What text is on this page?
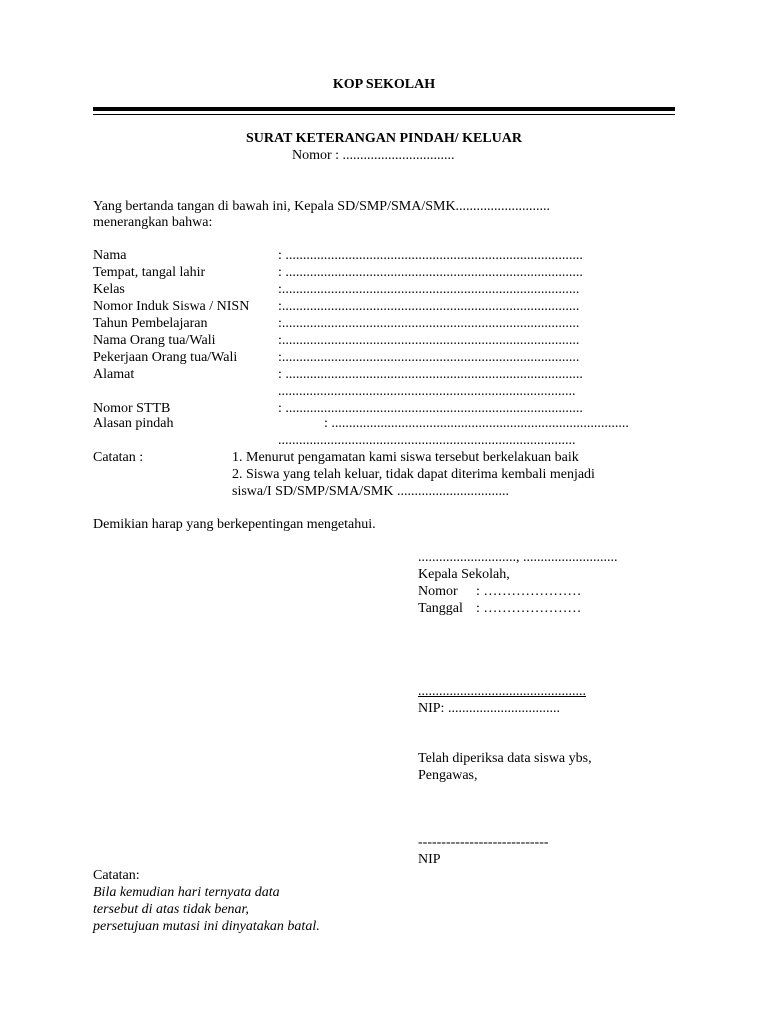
KOP SEKOLAH
SURAT KETERANGAN PINDAH/ KELUAR
Nomor : ................................
Yang bertanda tangan di bawah ini, Kepala SD/SMP/SMA/SMK...........................
menerangkan bahwa:
Nama	: .....................................................................................
Tempat, tangal lahir	: .....................................................................................
Kelas	:.....................................................................................
Nomor Induk Siswa / NISN :.....................................................................................
Tahun Pembelajaran	:.....................................................................................
Nama Orang tua/Wali	:.....................................................................................
Pekerjaan Orang tua/Wali	:.....................................................................................
Alamat	: .....................................................................................
.....................................................................................
Nomor STTB	: .....................................................................................
Alasan pindah	: .....................................................................................
.....................................................................................
Catatan :	1. Menurut pengamatan kami siswa tersebut berkelakuan baik
2. Siswa yang telah keluar, tidak dapat diterima kembali menjadi
siswa/I SD/SMP/SMA/SMK ................................
Demikian harap yang berkepentingan mengetahui.
............................, ...........................
Kepala Sekolah,
Nomor : …………………
Tanggal : …………………
................................................
NIP: ................................
Telah diperiksa data siswa ybs,
Pengawas,
----------------------------
NIP
Catatan:
Bila kemudian hari ternyata data
tersebut di atas tidak benar,
persetujuan mutasi ini dinyatakan batal.
